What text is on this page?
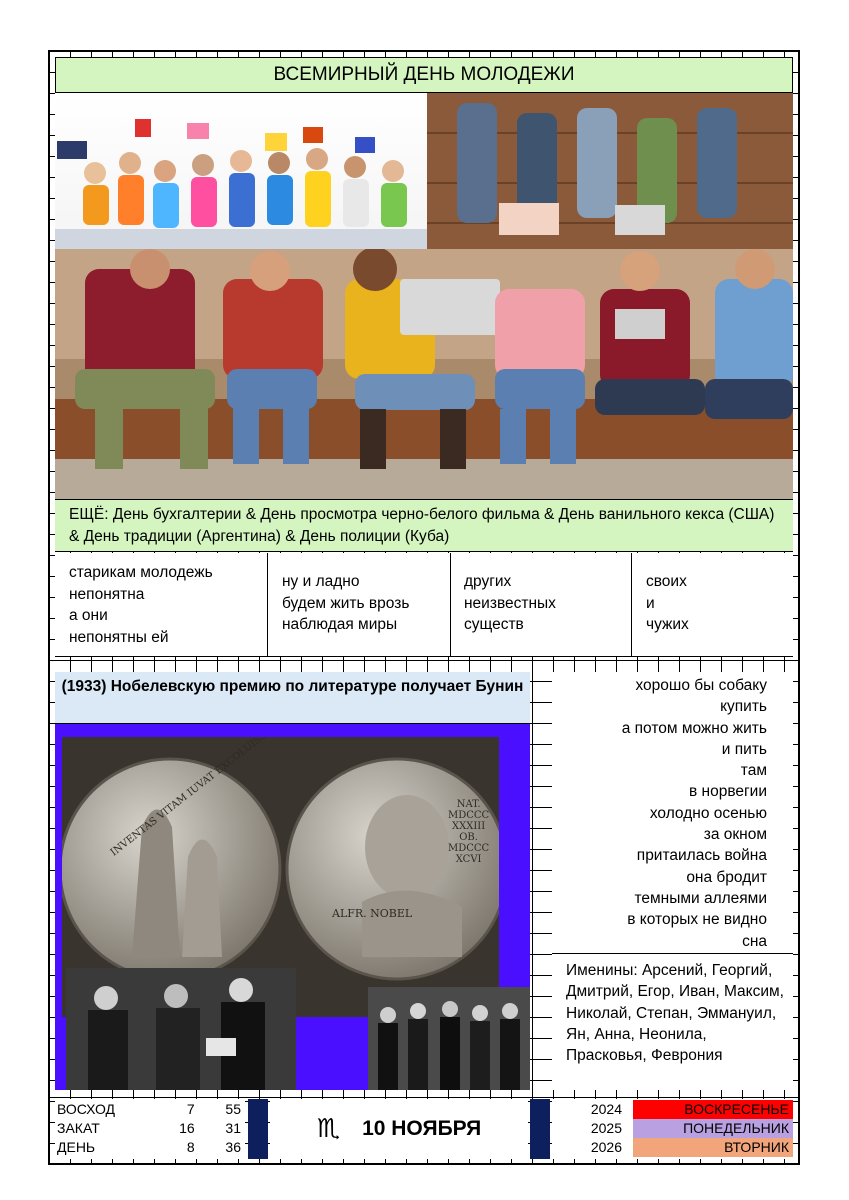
ВСЕМИРНЫЙ ДЕНЬ МОЛОДЕЖИ
ЕЩЁ: День бухгалтерии & День просмотра черно-белого фильма & День ванильного кекса (США) & День традиции (Аргентина) & День полиции (Куба)
старикам молодежь
непонятна
а они
непонятны ей
ну и ладно
будем жить врозь
наблюдая миры
других
неизвестных
существ
своих
и
чужих
(1933) Нобелевскую премию по литературе получает Бунин
INVENTAS VITAM IUVAT EXCOLUISSE
ALFR. NOBEL
NAT.
MDCCC
XXXIII
OB.
MDCCC
XCVI
хорошо бы собаку
купить
а потом можно жить
и пить
там
в норвегии
холодно осенью
за окном
притаилась война
она бродит
темными аллеями
в которых не видно
сна
Именины: Арсений, Георгий, Дмитрий, Егор, Иван, Максим, Николай, Степан, Эммануил, Ян, Анна, Неонила, Прасковья, Феврония
ВОСХОД	7	55
ЗАКАТ	16	31
ДЕНЬ	8	36
♏ 10 НОЯБРЯ
2024	ВОСКРЕСЕНЬЕ
2025	ПОНЕДЕЛЬНИК
2026	ВТОРНИК
